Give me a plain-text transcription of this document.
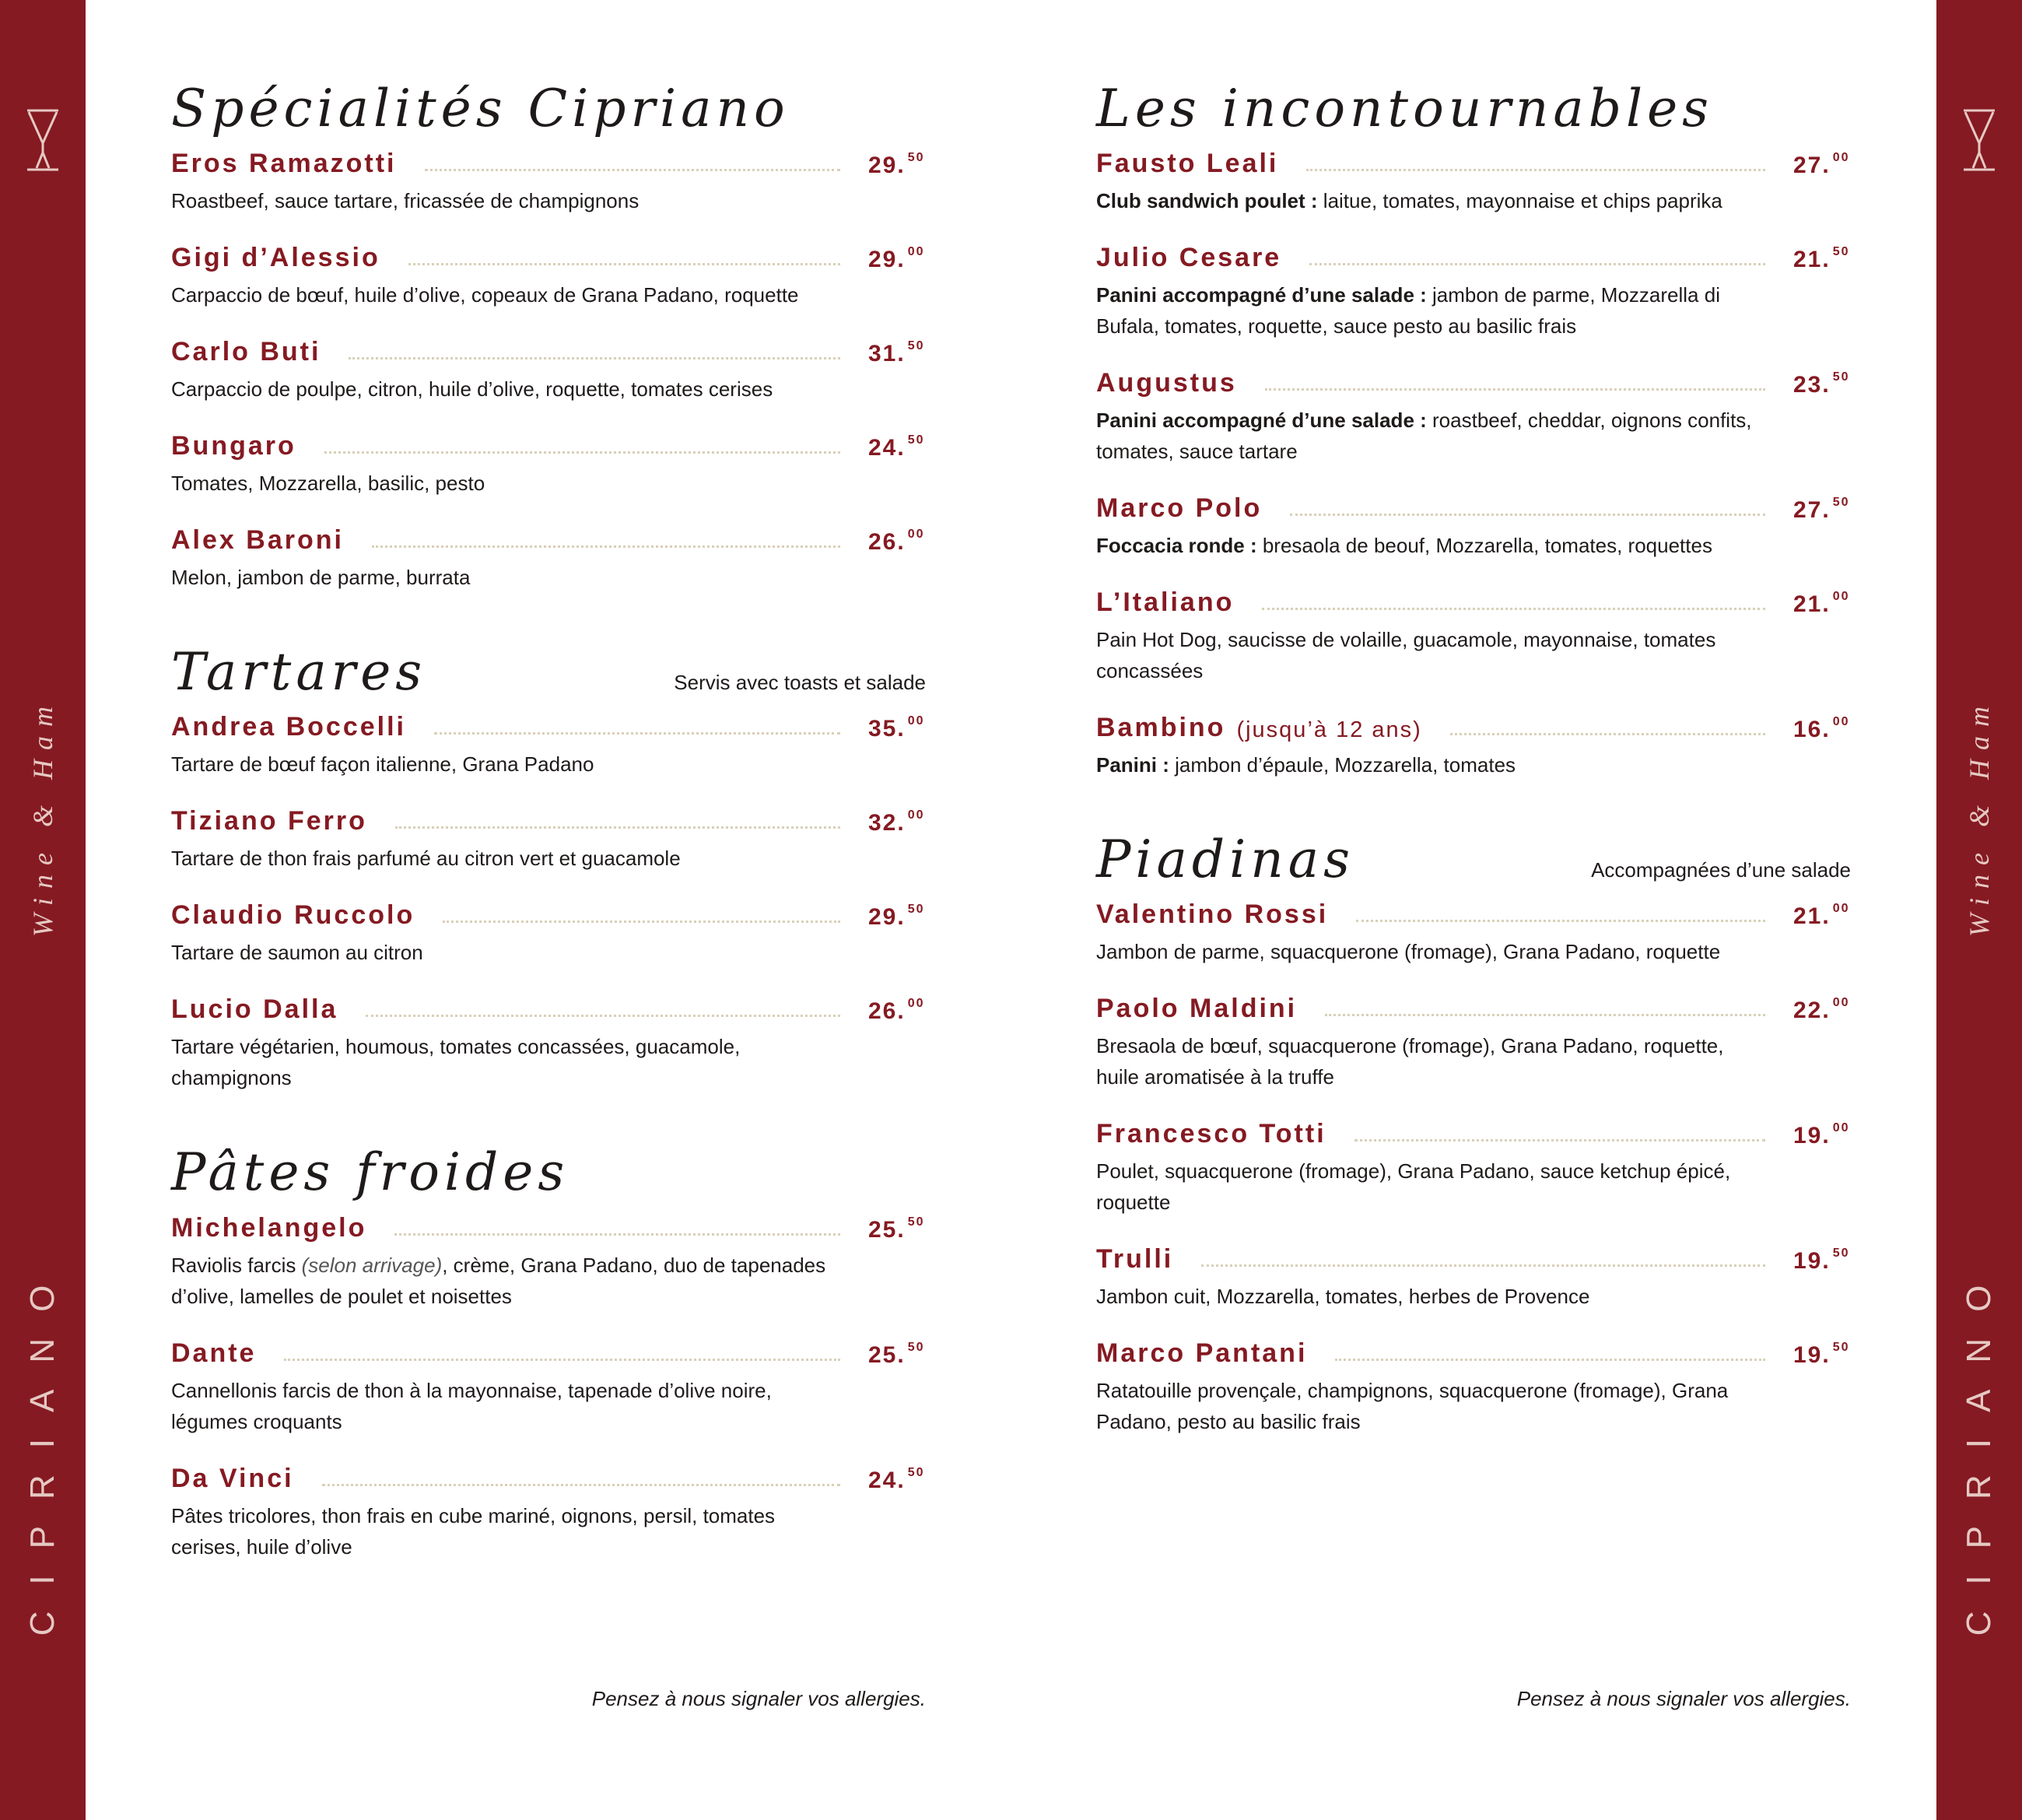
Wine & Ham
CIPRIANO
Wine & Ham
CIPRIANO
Spécialités Cipriano
Eros Ramazotti	29. $^{50}$
Roastbeef, sauce tartare, fricassée de champignons
Gigi d’Alessio	29. $^{00}$
Carpaccio de bœuf, huile d’olive, copeaux de Grana Padano, roquette
Carlo Buti	31. $^{50}$
Carpaccio de poulpe, citron, huile d’olive, roquette, tomates cerises
Bungaro	24. $^{50}$
Tomates, Mozzarella, basilic, pesto
Alex Baroni	26. $^{00}$
Melon, jambon de parme, burrata
Tartares	Servis avec toasts et salade
Andrea Boccelli	35. $^{00}$
Tartare de bœuf façon italienne, Grana Padano
Tiziano Ferro	32. $^{00}$
Tartare de thon frais parfumé au citron vert et guacamole
Claudio Ruccolo	29. $^{50}$
Tartare de saumon au citron
Lucio Dalla	26. $^{00}$
Tartare végétarien, houmous, tomates concassées, guacamole, champignons
Pâtes froides
Michelangelo	25. $^{50}$
Raviolis farcis (selon arrivage), crème, Grana Padano, duo de tapenades d’olive, lamelles de poulet et noisettes
Dante	25. $^{50}$
Cannellonis farcis de thon à la mayonnaise, tapenade d’olive noire, légumes croquants
Da Vinci	24. $^{50}$
Pâtes tricolores, thon frais en cube mariné, oignons, persil, tomates cerises, huile d’olive
Pensez à nous signaler vos allergies.
Les incontournables
Fausto Leali	27. $^{00}$
Club sandwich poulet : laitue, tomates, mayonnaise et chips paprika
Julio Cesare	21. $^{50}$
Panini accompagné d’une salade : jambon de parme, Mozzarella di Bufala, tomates, roquette, sauce pesto au basilic frais
Augustus	23. $^{50}$
Panini accompagné d’une salade : roastbeef, cheddar, oignons confits, tomates, sauce tartare
Marco Polo	27. $^{50}$
Foccacia ronde : bresaola de beouf, Mozzarella, tomates, roquettes
L’Italiano	21. $^{00}$
Pain Hot Dog, saucisse de volaille, guacamole, mayonnaise, tomates concassées
Bambino (jusqu’à 12 ans)	16. $^{00}$
Panini : jambon d’épaule, Mozzarella, tomates
Piadinas	Accompagnées d’une salade
Valentino Rossi	21. $^{00}$
Jambon de parme, squacquerone (fromage), Grana Padano, roquette
Paolo Maldini	22. $^{00}$
Bresaola de bœuf, squacquerone (fromage), Grana Padano, roquette, huile aromatisée à la truffe
Francesco Totti	19. $^{00}$
Poulet, squacquerone (fromage), Grana Padano, sauce ketchup épicé, roquette
Trulli	19. $^{50}$
Jambon cuit, Mozzarella, tomates, herbes de Provence
Marco Pantani	19. $^{50}$
Ratatouille provençale, champignons, squacquerone (fromage), Grana Padano, pesto au basilic frais
Pensez à nous signaler vos allergies.
